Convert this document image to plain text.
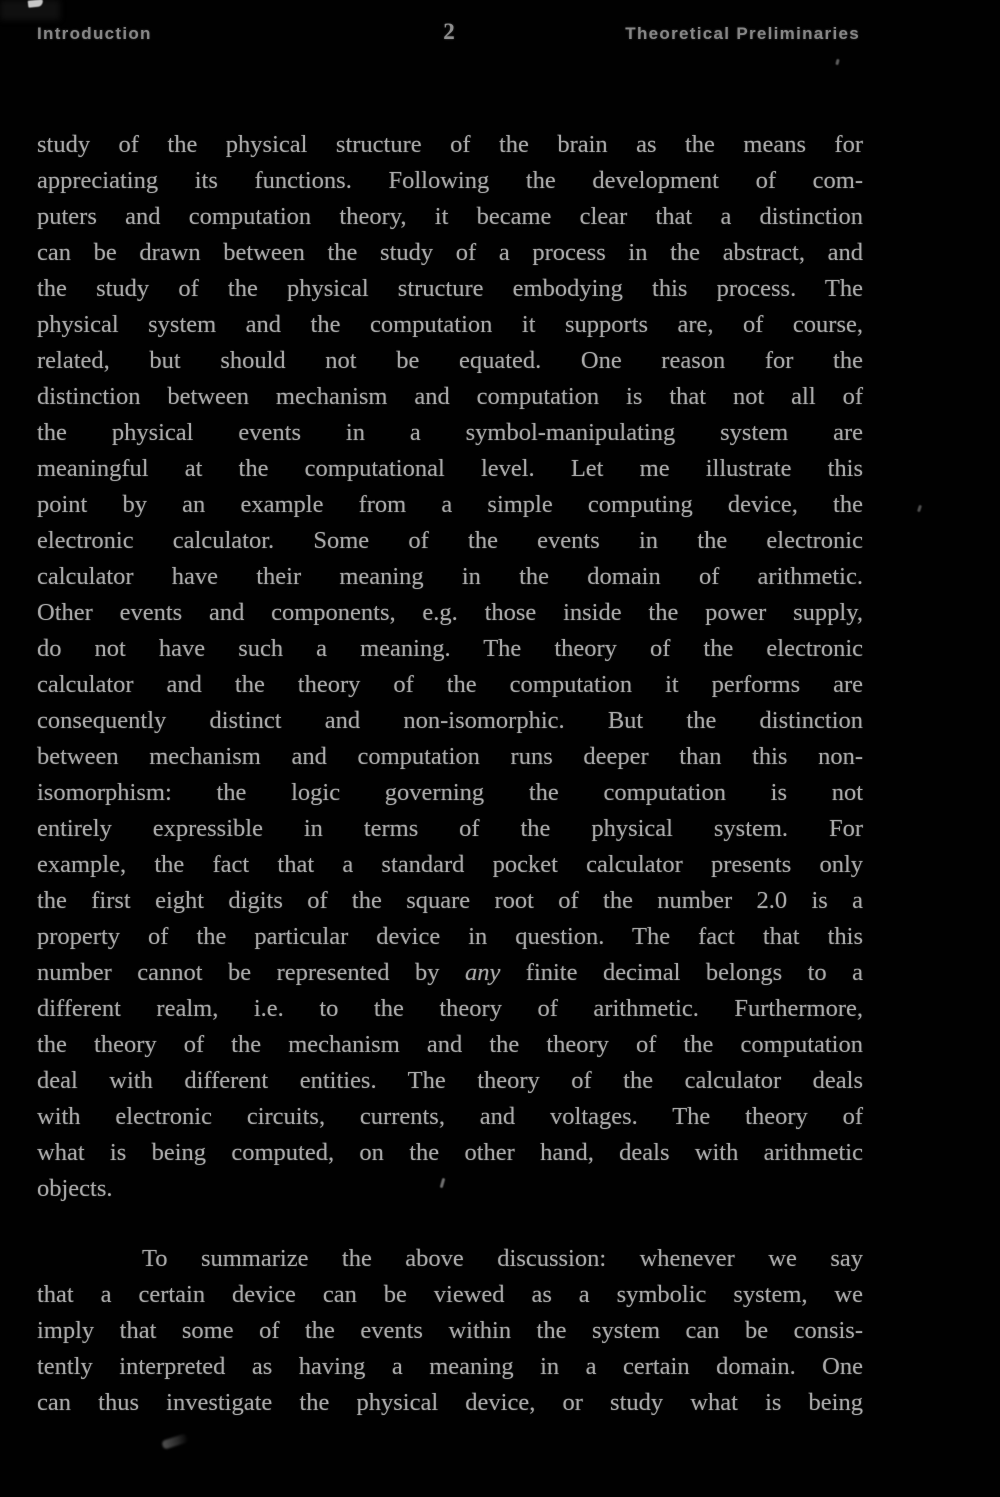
Introduction	Theoretical Preliminaries
2
study of the physical structure of the brain as the means for
appreciating its functions. Following the development of com-
puters and computation theory, it became clear that a distinction
can be drawn between the study of a process in the abstract, and
the study of the physical structure embodying this process. The
physical system and the computation it supports are, of course,
related, but should not be equated. One reason for the
distinction between mechanism and computation is that not all of
the physical events in a symbol-manipulating system are
meaningful at the computational level. Let me illustrate this
point by an example from a simple computing device, the
electronic calculator. Some of the events in the electronic
calculator have their meaning in the domain of arithmetic.
Other events and components, e.g. those inside the power supply,
do not have such a meaning. The theory of the electronic
calculator and the theory of the computation it performs are
consequently distinct and non-isomorphic. But the distinction
between mechanism and computation runs deeper than this non-
isomorphism: the logic governing the computation is not
entirely expressible in terms of the physical system. For
example, the fact that a standard pocket calculator presents only
the first eight digits of the square root of the number 2.0 is a
property of the particular device in question. The fact that this
number cannot be represented by any finite decimal belongs to a
different realm, i.e. to the theory of arithmetic. Furthermore,
the theory of the mechanism and the theory of the computation
deal with different entities. The theory of the calculator deals
with electronic circuits, currents, and voltages. The theory of
what is being computed, on the other hand, deals with arithmetic
objects.
To summarize the above discussion: whenever we say
that a certain device can be viewed as a symbolic system, we
imply that some of the events within the system can be consis-
tently interpreted as having a meaning in a certain domain. One
can thus investigate the physical device, or study what is being
